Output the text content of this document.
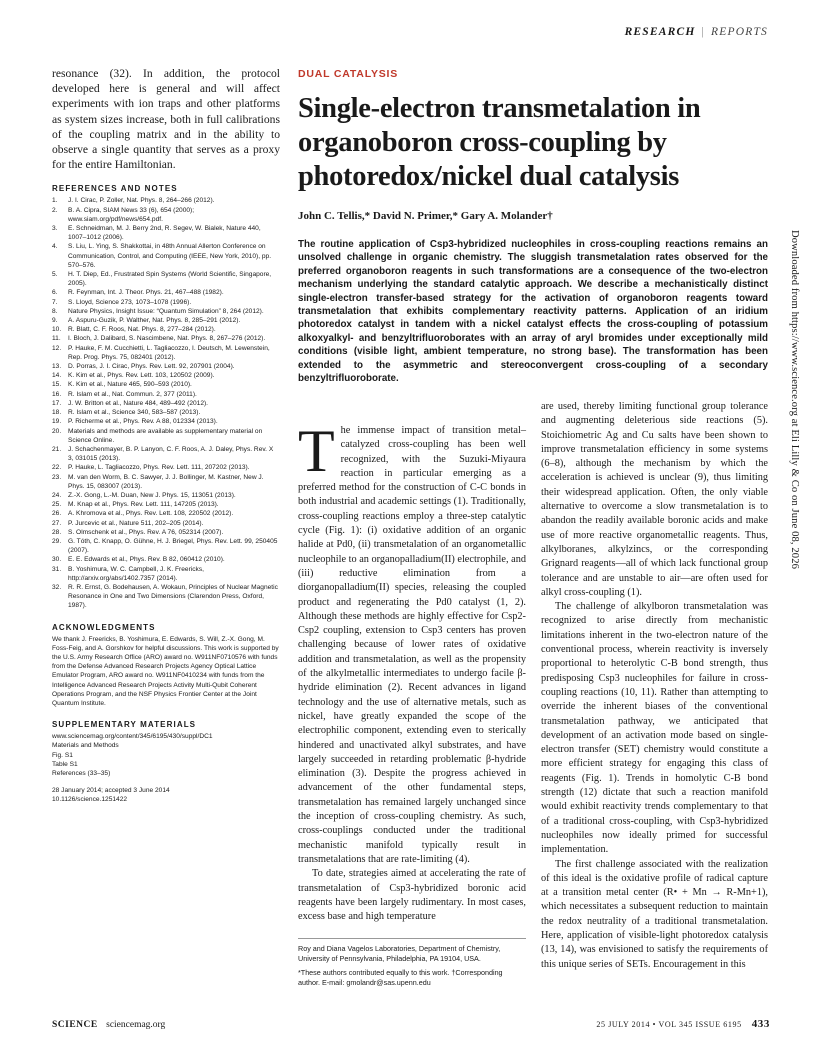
RESEARCH | REPORTS

resonance (32). In addition, the protocol developed here is general and will affect experiments with ion traps and other platforms as system sizes increase, both in full calibrations of the coupling matrix and in the ability to observe a single quantity that serves as a proxy for the entire Hamiltonian.

REFERENCES AND NOTES
1.	J. I. Cirac, P. Zoller, Nat. Phys. 8, 264–266 (2012).
2.	B. A. Cipra, SIAM News 33 (6), 654 (2000); www.siam.org/pdf/news/654.pdf.
3.	E. Schneidman, M. J. Berry 2nd, R. Segev, W. Bialek, Nature 440, 1007–1012 (2006).
4.	S. Liu, L. Ying, S. Shakkottai, in 48th Annual Allerton Conference on Communication, Control, and Computing (IEEE, New York, 2010), pp. 570–576.
5.	H. T. Diep, Ed., Frustrated Spin Systems (World Scientific, Singapore, 2005).
6.	R. Feynman, Int. J. Theor. Phys. 21, 467–488 (1982).
7.	S. Lloyd, Science 273, 1073–1078 (1996).
8.	Nature Physics, Insight Issue: “Quantum Simulation” 8, 264 (2012).
9.	A. Aspuru-Guzik, P. Walther, Nat. Phys. 8, 285–291 (2012).
10.	R. Blatt, C. F. Roos, Nat. Phys. 8, 277–284 (2012).
11.	I. Bloch, J. Dalibard, S. Nascimbene, Nat. Phys. 8, 267–276 (2012).
12.	P. Hauke, F. M. Cucchietti, L. Tagliacozzo, I. Deutsch, M. Lewenstein, Rep. Prog. Phys. 75, 082401 (2012).
13.	D. Porras, J. I. Cirac, Phys. Rev. Lett. 92, 207901 (2004).
14.	K. Kim et al., Phys. Rev. Lett. 103, 120502 (2009).
15.	K. Kim et al., Nature 465, 590–593 (2010).
16.	R. Islam et al., Nat. Commun. 2, 377 (2011).
17.	J. W. Britton et al., Nature 484, 489–492 (2012).
18.	R. Islam et al., Science 340, 583–587 (2013).
19.	P. Richerme et al., Phys. Rev. A 88, 012334 (2013).
20.	Materials and methods are available as supplementary material on Science Online.
21.	J. Schachenmayer, B. P. Lanyon, C. F. Roos, A. J. Daley, Phys. Rev. X 3, 031015 (2013).
22.	P. Hauke, L. Tagliacozzo, Phys. Rev. Lett. 111, 207202 (2013).
23.	M. van den Worm, B. C. Sawyer, J. J. Bollinger, M. Kastner, New J. Phys. 15, 083007 (2013).
24.	Z.-X. Gong, L.-M. Duan, New J. Phys. 15, 113051 (2013).
25.	M. Knap et al., Phys. Rev. Lett. 111, 147205 (2013).
26.	A. Khromova et al., Phys. Rev. Lett. 108, 220502 (2012).
27.	P. Jurcevic et al., Nature 511, 202–205 (2014).
28.	S. Olmschenk et al., Phys. Rev. A 76, 052314 (2007).
29.	G. Tóth, C. Knapp, O. Gühne, H. J. Briegel, Phys. Rev. Lett. 99, 250405 (2007).
30.	E. E. Edwards et al., Phys. Rev. B 82, 060412 (2010).
31.	B. Yoshimura, W. C. Campbell, J. K. Freericks, http://arxiv.org/abs/1402.7357 (2014).
32.	R. R. Ernst, G. Bodehausen, A. Wokaun, Principles of Nuclear Magnetic Resonance in One and Two Dimensions (Clarendon Press, Oxford, 1987).
ACKNOWLEDGMENTS
We thank J. Freericks, B. Yoshimura, E. Edwards, S. Will, Z.-X. Gong, M. Foss-Feig, and A. Gorshkov for helpful discussions. This work is supported by the U.S. Army Research Office (ARO) award no. W911NF0710576 with funds from the Defense Advanced Research Projects Agency Optical Lattice Emulator Program, ARO award no. W911NF0410234 with funds from the Intelligence Advanced Research Projects Activity Multi-Qubit Coherent Operations Program, and the NSF Physics Frontier Center at the Joint Quantum Institute.
SUPPLEMENTARY MATERIALS

www.sciencemag.org/content/345/6195/430/suppl/DC1

Materials and Methods

Fig. S1

Table S1

References (33–35)

28 January 2014; accepted 3 June 2014

10.1126/science.1251422

DUAL CATALYSIS
Single-electron transmetalation in organoboron cross-coupling by photoredox/nickel dual catalysis
John C. Tellis,* David N. Primer,* Gary A. Molander†

The routine application of Csp3-hybridized nucleophiles in cross-coupling reactions remains an unsolved challenge in organic chemistry. The sluggish transmetalation rates observed for the preferred organoboron reagents in such transformations are a consequence of the two-electron mechanism underlying the standard catalytic approach. We describe a mechanistically distinct single-electron transfer-based strategy for the activation of organoboron reagents toward transmetalation that exhibits complementary reactivity patterns. Application of an iridium photoredox catalyst in tandem with a nickel catalyst effects the cross-coupling of potassium alkoxyalkyl- and benzyltrifluoroborates with an array of aryl bromides under exceptionally mild conditions (visible light, ambient temperature, no strong base). The transformation has been extended to the asymmetric and stereoconvergent cross-coupling of a secondary benzyltrifluoroborate.

T he immense impact of transition metal–catalyzed cross-coupling has been well recognized, with the Suzuki-Miyaura reaction in particular emerging as a preferred method for the construction of C-C bonds in both industrial and academic settings (1). Traditionally, cross-coupling reactions employ a three-step catalytic cycle (Fig. 1): (i) oxidative addition of an organic halide at Pd0, (ii) transmetalation of an organometallic nucleophile to an organopalladium(II) electrophile, and (iii) reductive elimination from a diorganopalladium(II) species, releasing the coupled product and regenerating the Pd0 catalyst (1, 2). Although these methods are highly effective for Csp2-Csp2 coupling, extension to Csp3 centers has proven challenging because of lower rates of oxidative addition and transmetalation, as well as the propensity of the alkylmetallic intermediates to undergo facile β-hydride elimination (2). Recent advances in ligand technology and the use of alternative metals, such as nickel, have greatly expanded the scope of the electrophilic component, extending even to sterically hindered and unactivated alkyl substrates, and have largely succeeded in retarding problematic β-hydride elimination (3). Despite the progress achieved in advancement of the other fundamental steps, transmetalation has remained largely unchanged since the inception of cross-coupling chemistry. As such, cross-couplings conducted under the traditional mechanistic manifold typically result in transmetalations that are rate-limiting (4).

To date, strategies aimed at accelerating the rate of transmetalation of Csp3-hybridized boronic acid reagents have been largely rudimentary. In most cases, excess base and high temperature

are used, thereby limiting functional group tolerance and augmenting deleterious side reactions (5). Stoichiometric Ag and Cu salts have been shown to improve transmetalation efficiency in some systems (6–8), although the mechanism by which the acceleration is achieved is unclear (9), thus limiting their widespread application. Often, the only viable alternative to overcome a slow transmetalation is to abandon the readily available boronic acids and make use of more reactive organometallic reagents. Thus, alkylboranes, alkylzincs, or the corresponding Grignard reagents—all of which lack functional group tolerance and are unstable to air—are often used for alkyl cross-coupling (1).

The challenge of alkylboron transmetalation was recognized to arise directly from mechanistic limitations inherent in the two-electron nature of the conventional process, wherein reactivity is inversely proportional to heterolytic C-B bond strength, thus predisposing Csp3 nucleophiles for failure in cross-coupling reactions (10, 11). Rather than attempting to override the inherent biases of the conventional transmetalation pathway, we anticipated that development of an activation mode based on single-electron transfer (SET) chemistry would constitute a more efficient strategy for engaging this class of reagents (Fig. 1). Trends in homolytic C-B bond strength (12) dictate that such a reaction manifold would exhibit reactivity trends complementary to that of a traditional cross-coupling, with Csp3-hybridized nucleophiles now ideally primed for successful implementation.

The first challenge associated with the realization of this ideal is the oxidative profile of radical capture at a transition metal center (R• + Mn → R-Mn+1), which necessitates a subsequent reduction to maintain the redox neutrality of a traditional transmetalation. Here, application of visible-light photoredox catalysis (13, 14), was envisioned to satisfy the requirements of this unique series of SETs. Encouragement in this

Roy and Diana Vagelos Laboratories, Department of Chemistry, University of Pennsylvania, Philadelphia, PA 19104, USA.

*These authors contributed equally to this work. †Corresponding author. E-mail: gmolandr@sas.upenn.edu

Downloaded from https://www.science.org at Eli Lilly & Co on June 08, 2026
SCIENCE sciencemag.org	25 JULY 2014 • VOL 345 ISSUE 6195 433
